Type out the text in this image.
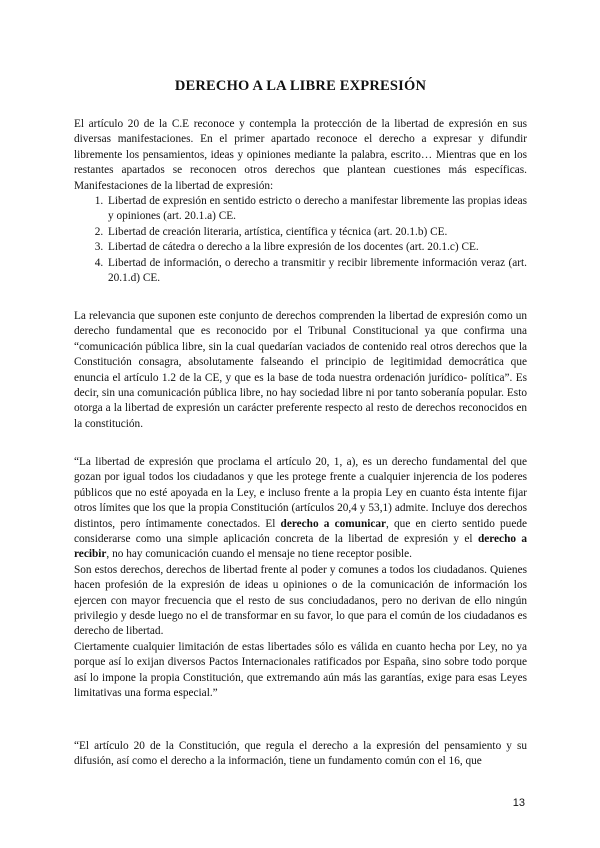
DERECHO A LA LIBRE EXPRESIÓN

El artículo 20 de la C.E reconoce y contempla la protección de la libertad de expresión en sus diversas manifestaciones. En el primer apartado reconoce el derecho a expresar y difundir libremente los pensamientos, ideas y opiniones mediante la palabra, escrito… Mientras que en los restantes apartados se reconocen otros derechos que plantean cuestiones más específicas. Manifestaciones de la libertad de expresión:

1. Libertad de expresión en sentido estricto o derecho a manifestar libremente las propias ideas y opiniones (art. 20.1.a) CE.
2. Libertad de creación literaria, artística, científica y técnica (art. 20.1.b) CE.
3. Libertad de cátedra o derecho a la libre expresión de los docentes (art. 20.1.c) CE.
4. Libertad de información, o derecho a transmitir y recibir libremente información veraz (art. 20.1.d) CE.

La relevancia que suponen este conjunto de derechos comprenden la libertad de expresión como un derecho fundamental que es reconocido por el Tribunal Constitucional ya que confirma una “comunicación pública libre, sin la cual quedarían vaciados de contenido real otros derechos que la Constitución consagra, absolutamente falseando el principio de legitimidad democrática que enuncia el artículo 1.2 de la CE, y que es la base de toda nuestra ordenación jurídico- política”. Es decir, sin una comunicación pública libre, no hay sociedad libre ni por tanto soberanía popular. Esto otorga a la libertad de expresión un carácter preferente respecto al resto de derechos reconocidos en la constitución.

“La libertad de expresión que proclama el artículo 20, 1, a), es un derecho fundamental del que gozan por igual todos los ciudadanos y que les protege frente a cualquier injerencia de los poderes públicos que no esté apoyada en la Ley, e incluso frente a la propia Ley en cuanto ésta intente fijar otros límites que los que la propia Constitución (artículos 20,4 y 53,1) admite. Incluye dos derechos distintos, pero íntimamente conectados. El derecho a comunicar, que en cierto sentido puede considerarse como una simple aplicación concreta de la libertad de expresión y el derecho a recibir, no hay comunicación cuando el mensaje no tiene receptor posible.

Son estos derechos, derechos de libertad frente al poder y comunes a todos los ciudadanos. Quienes hacen profesión de la expresión de ideas u opiniones o de la comunicación de información los ejercen con mayor frecuencia que el resto de sus conciudadanos, pero no derivan de ello ningún privilegio y desde luego no el de transformar en su favor, lo que para el común de los ciudadanos es derecho de libertad.

Ciertamente cualquier limitación de estas libertades sólo es válida en cuanto hecha por Ley, no ya porque así lo exijan diversos Pactos Internacionales ratificados por España, sino sobre todo porque así lo impone la propia Constitución, que extremando aún más las garantías, exige para esas Leyes limitativas una forma especial.”

“El artículo 20 de la Constitución, que regula el derecho a la expresión del pensamiento y su difusión, así como el derecho a la información, tiene un fundamento común con el 16, que

13
